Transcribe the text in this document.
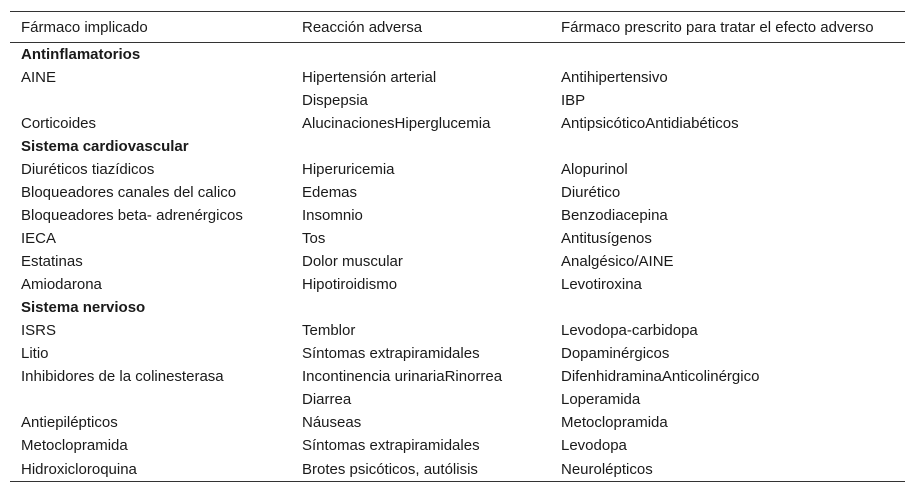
Fármaco implicado	Reacción adversa	Fármaco prescrito para tratar el efecto adverso
Antinflamatorios		
AINE	Hipertensión arterial	Antihipertensivo
	Dispepsia	IBP
Corticoides	AlucinacionesHiperglucemia	AntipsicóticoAntidiabéticos
Sistema cardiovascular		
Diuréticos tiazídicos	Hiperuricemia	Alopurinol
Bloqueadores canales del calico	Edemas	Diurético
Bloqueadores beta- adrenérgicos	Insomnio	Benzodiacepina
IECA	Tos	Antitusígenos
Estatinas	Dolor muscular	Analgésico/AINE
Amiodarona	Hipotiroidismo	Levotiroxina
Sistema nervioso		
ISRS	Temblor	Levodopa-carbidopa
Litio	Síntomas extrapiramidales	Dopaminérgicos
Inhibidores de la colinesterasa	Incontinencia urinariaRinorrea	DifenhidraminaAnticolinérgico
	Diarrea	Loperamida
Antiepilépticos	Náuseas	Metoclopramida
Metoclopramida	Síntomas extrapiramidales	Levodopa
Hidroxicloroquina	Brotes psicóticos, autólisis	Neurolépticos
